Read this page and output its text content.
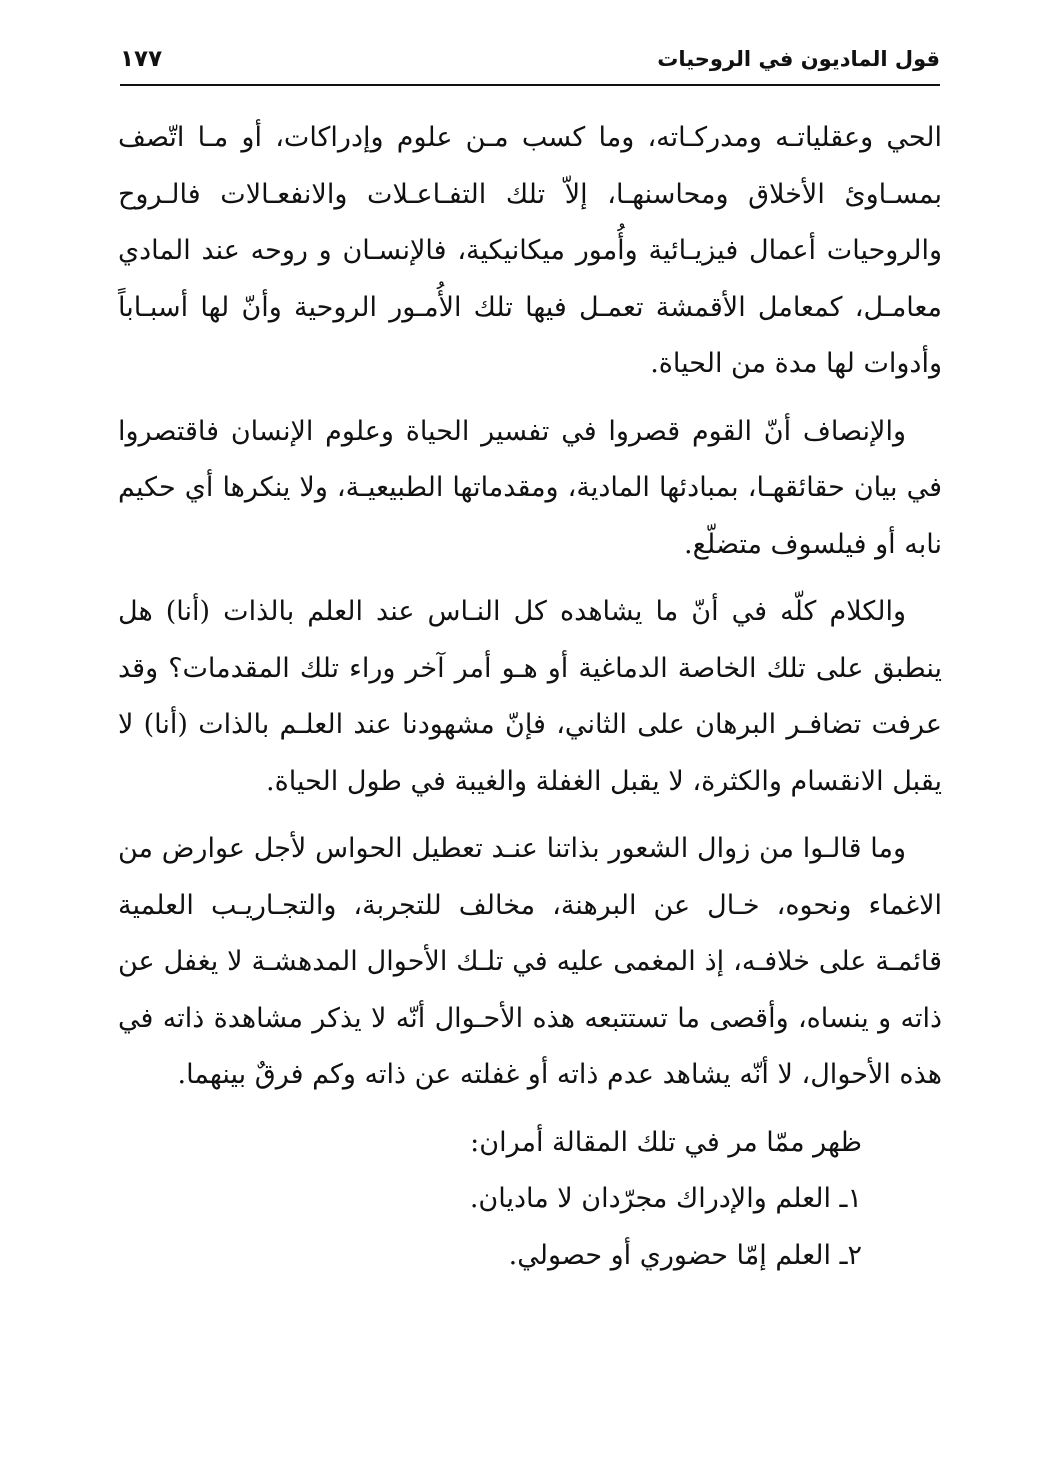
قول الماديون في الروحيات
١٧٧

الحي وعقلياتـه ومدركـاته، وما كسب مـن علوم وإدراكات، أو مـا اتّصف بمسـاوئ الأخلاق ومحاسنهـا، إلاّ تلك التفـاعـلات والانفعـالات فالـروح والروحيات أعمال فيزيـائية وأُمور ميكانيكية، فالإنسـان و روحه عند المادي معامـل، كمعامل الأقمشة تعمـل فيها تلك الأُمـور الروحية وأنّ لها أسبـاباً وأدوات لها مدة من الحياة.

والإنصاف أنّ القوم قصروا في تفسير الحياة وعلوم الإنسان فاقتصروا في بيان حقائقهـا، بمبادئها المادية، ومقدماتها الطبيعيـة، ولا ينكرها أي حكيم نابه أو فيلسوف متضلّع.

والكلام كلّه في أنّ ما يشاهده كل النـاس عند العلم بالذات (أنا) هل ينطبق على تلك الخاصة الدماغية أو هـو أمر آخر وراء تلك المقدمات؟ وقد عرفت تضافـر البرهان على الثاني، فإنّ مشهودنا عند العلـم بالذات (أنا) لا يقبل الانقسام والكثرة، لا يقبل الغفلة والغيبة في طول الحياة.

وما قالـوا من زوال الشعور بذاتنا عنـد تعطيل الحواس لأجل عوارض من الاغماء ونحوه، خـال عن البرهنة، مخالف للتجربة، والتجـاريـب العلمية قائمـة على خلافـه، إذ المغمى عليه في تلـك الأحوال المدهشـة لا يغفل عن ذاته و ينساه، وأقصى ما تستتبعه هذه الأحـوال أنّه لا يذكر مشاهدة ذاته في هذه الأحوال، لا أنّه يشاهد عدم ذاته أو غفلته عن ذاته وكم فرقٌ بينهما.

ظهر ممّا مر في تلك المقالة أمران:

١ـ العلم والإدراك مجرّدان لا ماديان.

٢ـ العلم إمّا حضوري أو حصولي.
